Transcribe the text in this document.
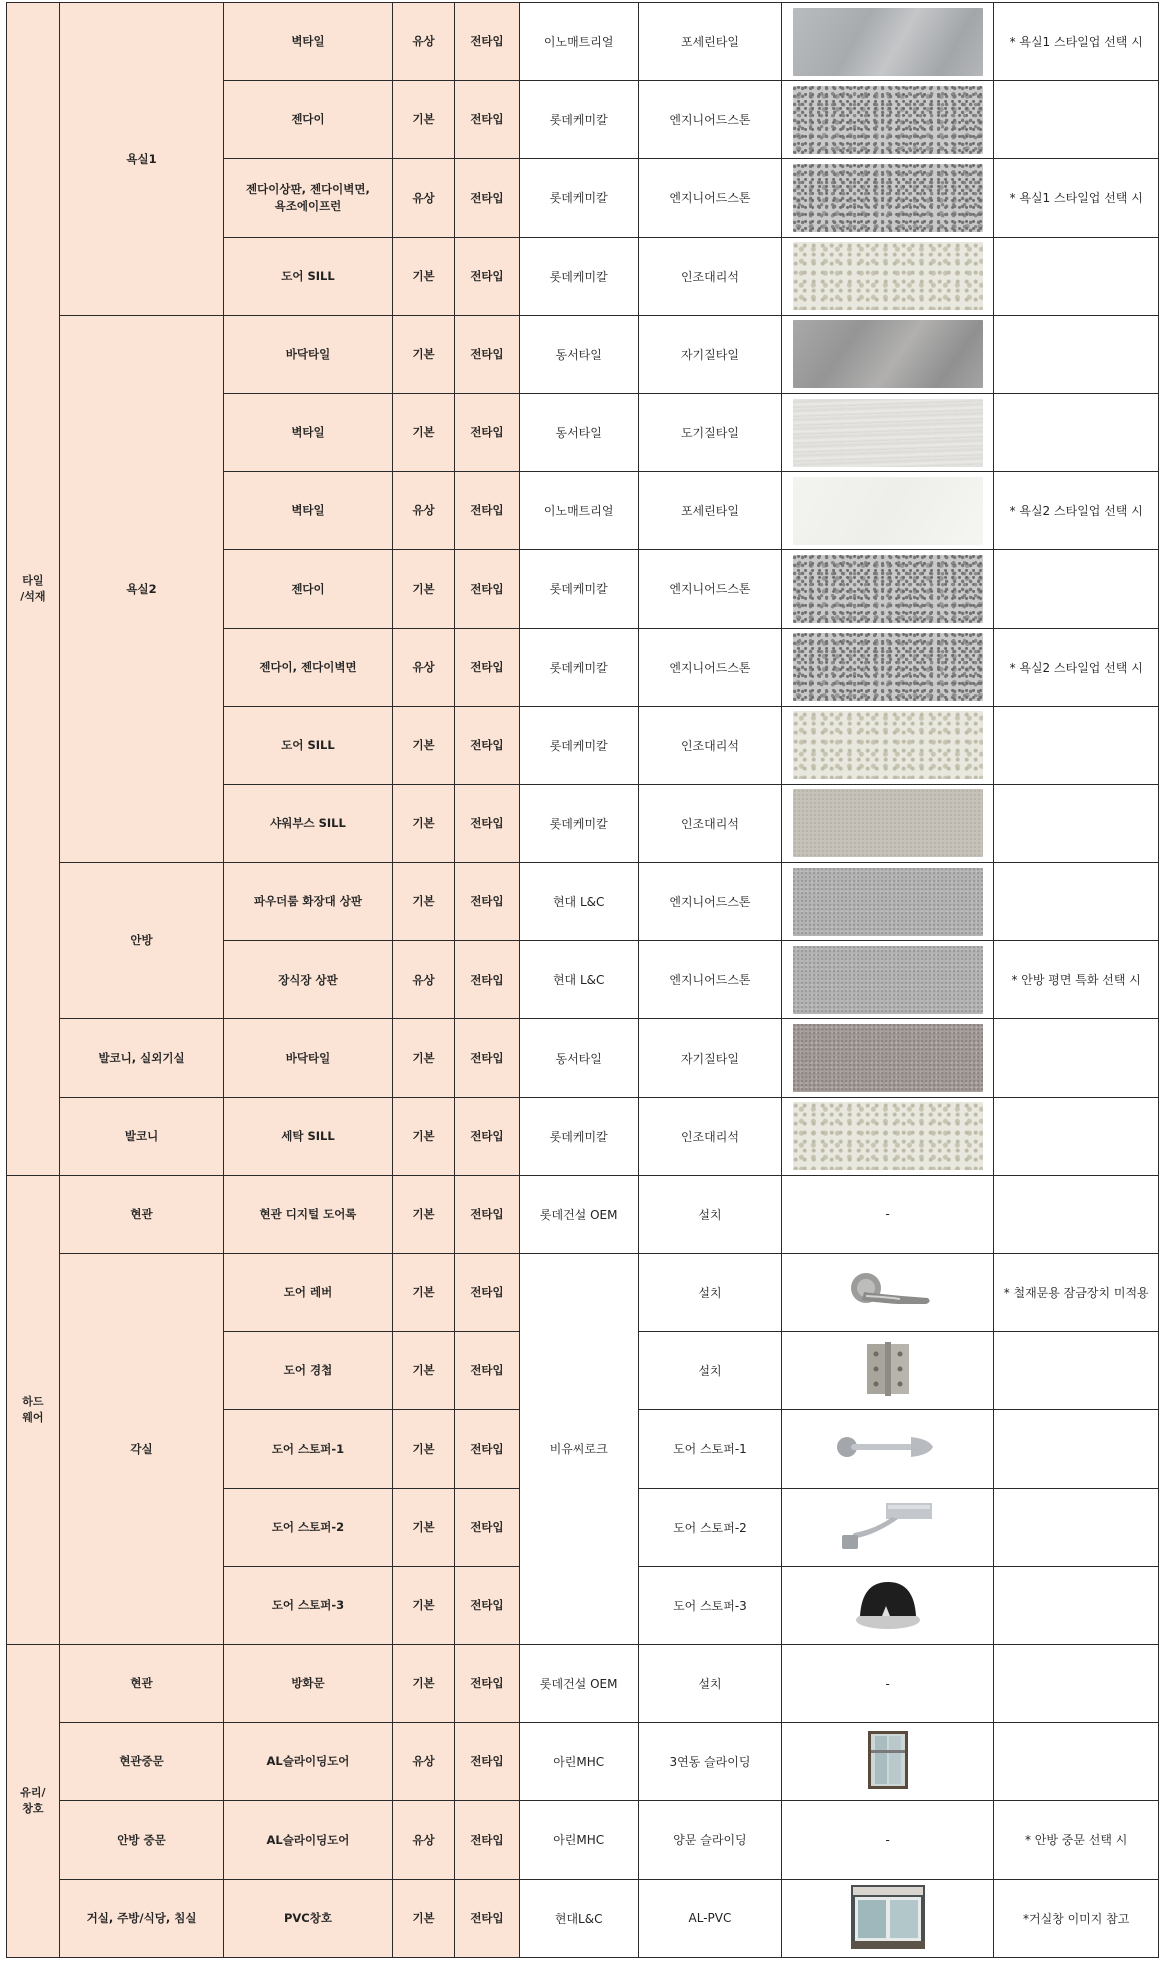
타일
/석재	욕실1	벽타일	유상	전타입	이노매트리얼	포세린타일		* 욕실1 스타일업 선택 시
		젠다이	기본	전타입	롯데케미칼	엔지니어드스톤	

		젠다이상판, 젠다이벽면,
욕조에이프런	유상	전타입	롯데케미칼	엔지니어드스톤		* 욕실1 스타일업 선택 시
		도어 SILL	기본	전타입	롯데케미칼	인조대리석	

	욕실2	바닥타일	기본	전타입	동서타일	자기질타일	

		벽타일	기본	전타입	동서타일	도기질타일	

		벽타일	유상	전타입	이노매트리얼	포세린타일		* 욕실2 스타일업 선택 시
		젠다이	기본	전타입	롯데케미칼	엔지니어드스톤	

		젠다이, 젠다이벽면	유상	전타입	롯데케미칼	엔지니어드스톤		* 욕실2 스타일업 선택 시
		도어 SILL	기본	전타입	롯데케미칼	인조대리석	

		샤워부스 SILL	기본	전타입	롯데케미칼	인조대리석	

	안방	파우더룸 화장대 상판	기본	전타입	현대 L&C	엔지니어드스톤	

		장식장 상판	유상	전타입	현대 L&C	엔지니어드스톤		* 안방 평면 특화 선택 시
	발코니, 실외기실	바닥타일	기본	전타입	동서타일	자기질타일	

	발코니	세탁 SILL	기본	전타입	롯데케미칼	인조대리석	

하드
웨어	현관	현관 디지털 도어록	기본	전타입	롯데건설 OEM	설치	-	
	각실	도어 레버	기본	전타입	비유씨로크	설치		* 철재문용 잠금장치 미적용
		도어 경첩	기본	전타입		설치	

		도어 스토퍼-1	기본	전타입		도어 스토퍼-1	

		도어 스토퍼-2	기본	전타입		도어 스토퍼-2	

		도어 스토퍼-3	기본	전타입		도어 스토퍼-3	

유리/
창호	현관	방화문	기본	전타입	롯데건설 OEM	설치	-	
	현관중문	AL슬라이딩도어	유상	전타입	아린MHC	3연동 슬라이딩	

	안방 중문	AL슬라이딩도어	유상	전타입	아린MHC	양문 슬라이딩	-	* 안방 중문 선택 시
	거실, 주방/식당, 침실	PVC창호	기본	전타입	현대L&C	AL-PVC		*거실창 이미지 참고
